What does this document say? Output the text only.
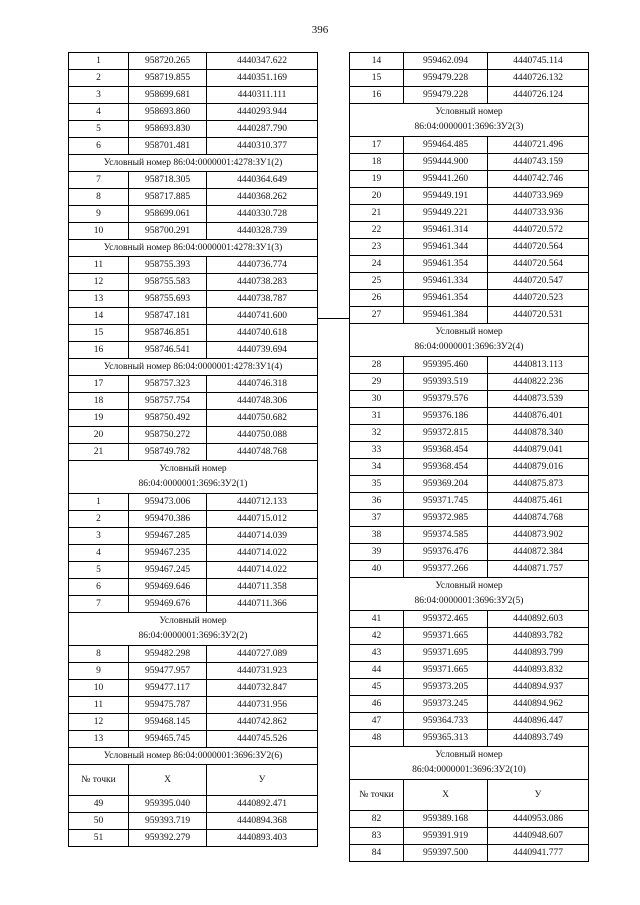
396
1	958720.265	4440347.622
2	958719.855	4440351.169
3	958699.681	4440311.111
4	958693.860	4440293.944
5	958693.830	4440287.790
6	958701.481	4440310.377
Условный номер 86:04:0000001:4278:ЗУ1(2)		
7	958718.305	4440364.649
8	958717.885	4440368.262
9	958699.061	4440330.728
10	958700.291	4440328.739
Условный номер 86:04:0000001:4278:ЗУ1(3)		
11	958755.393	4440736.774
12	958755.583	4440738.283
13	958755.693	4440738.787
14	958747.181	4440741.600
15	958746.851	4440740.618
16	958746.541	4440739.694
Условный номер 86:04:0000001:4278:ЗУ1(4)		
17	958757.323	4440746.318
18	958757.754	4440748.306
19	958750.492	4440750.682
20	958750.272	4440750.088
21	958749.782	4440748.768
Условный номер
86:04:0000001:3696:ЗУ2(1)		
1	959473.006	4440712.133
2	959470.386	4440715.012
3	959467.285	4440714.039
4	959467.235	4440714.022
5	959467.245	4440714.022
6	959469.646	4440711.358
7	959469.676	4440711.366
Условный номер
86:04:0000001:3696:ЗУ2(2)		
8	959482.298	4440727.089
9	959477.957	4440731.923
10	959477.117	4440732.847
11	959475.787	4440731.956
12	959468.145	4440742.862
13	959465.745	4440745.526
Условный номер 86:04:0000001:3696:ЗУ2(6)		
№ точки	X	У
49	959395.040	4440892.471
50	959393.719	4440894.368
51	959392.279	4440893.403
14	959462.094	4440745.114
15	959479.228	4440726.132
16	959479.228	4440726.124
Условный номер
86:04:0000001:3696:ЗУ2(3)		
17	959464.485	4440721.496
18	959444.900	4440743.159
19	959441.260	4440742.746
20	959449.191	4440733.969
21	959449.221	4440733.936
22	959461.314	4440720.572
23	959461.344	4440720.564
24	959461.354	4440720.564
25	959461.334	4440720.547
26	959461.354	4440720.523
27	959461.384	4440720.531
Условный номер
86:04:0000001:3696:ЗУ2(4)		
28	959395.460	4440813.113
29	959393.519	4440822.236
30	959379.576	4440873.539
31	959376.186	4440876.401
32	959372.815	4440878.340
33	959368.454	4440879.041
34	959368.454	4440879.016
35	959369.204	4440875.873
36	959371.745	4440875.461
37	959372.985	4440874.768
38	959374.585	4440873.902
39	959376.476	4440872.384
40	959377.266	4440871.757
Условный номер
86:04:0000001:3696:ЗУ2(5)		
41	959372.465	4440892.603
42	959371.665	4440893.782
43	959371.695	4440893.799
44	959371.665	4440893.832
45	959373.205	4440894.937
46	959373.245	4440894.962
47	959364.733	4440896.447
48	959365.313	4440893.749
Условный номер
86:04:0000001:3696:ЗУ2(10)		
№ точки	X	У
82	959389.168	4440953.086
83	959391.919	4440948.607
84	959397.500	4440941.777
